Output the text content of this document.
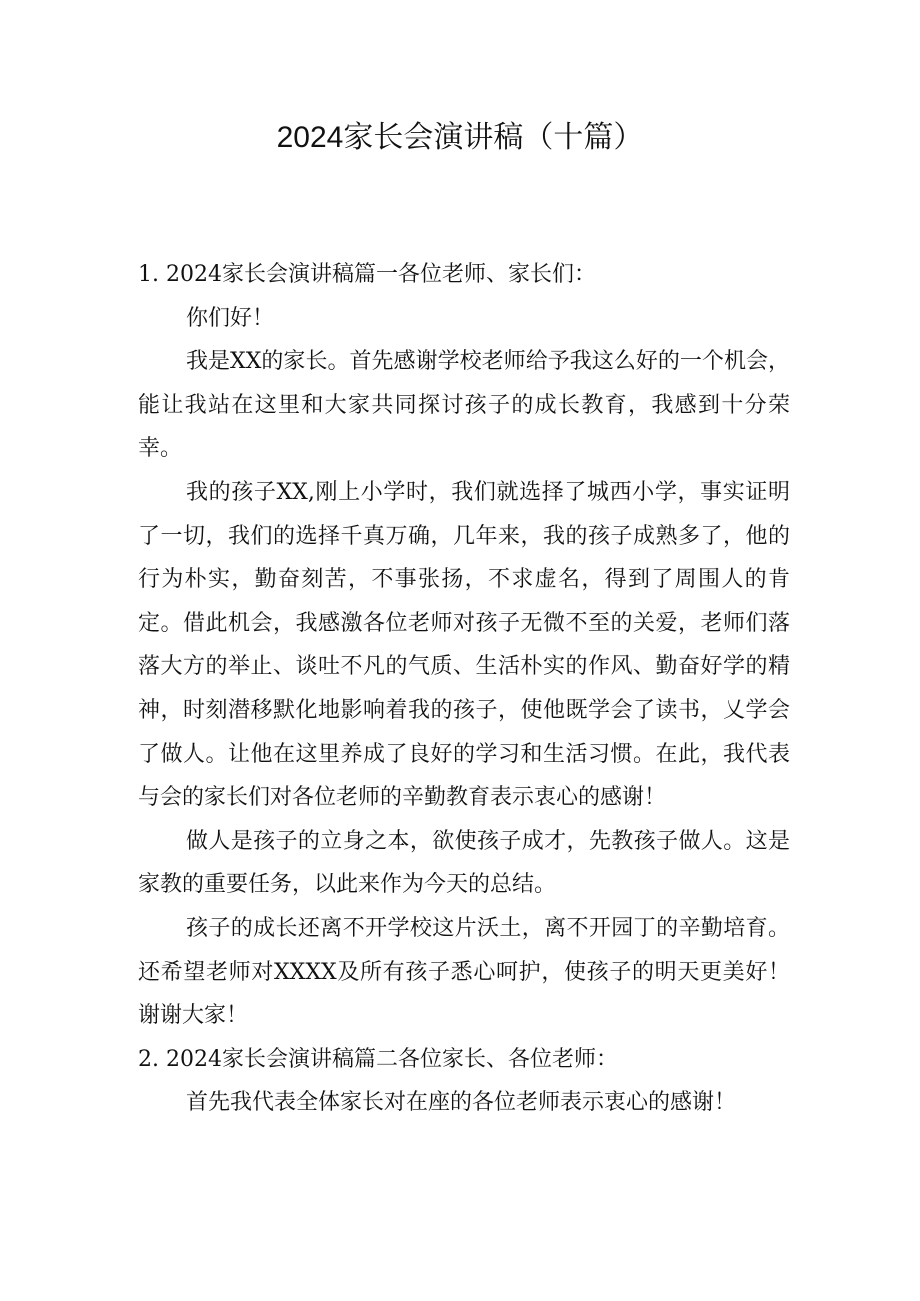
2024家长会演讲稿（十篇）

1. 2024家长会演讲稿篇一各位老师、家长们：

你们好！

我是XX的家长。首先感谢学校老师给予我这么好的一个机会，能让我站在这里和大家共同探讨孩子的成长教育，我感到十分荣幸。

我的孩子XX,刚上小学时，我们就选择了城西小学，事实证明了一切，我们的选择千真万确，几年来，我的孩子成熟多了，他的行为朴实，勤奋刻苦，不事张扬，不求虚名，得到了周围人的肯定。借此机会，我感激各位老师对孩子无微不至的关爱，老师们落落大方的举止、谈吐不凡的气质、生活朴实的作风、勤奋好学的精神，时刻潜移默化地影响着我的孩子，使他既学会了读书，乂学会了做人。让他在这里养成了良好的学习和生活习惯。在此，我代表与会的家长们对各位老师的辛勤教育表示衷心的感谢！

做人是孩子的立身之本，欲使孩子成才，先教孩子做人。这是家教的重要任务，以此来作为今天的总结。

孩子的成长还离不开学校这片沃土，离不开园丁的辛勤培育。还希望老师对XXXX及所有孩子悉心呵护，使孩子的明天更美好！谢谢大家！

2. 2024家长会演讲稿篇二各位家长、各位老师：

首先我代表全体家长对在座的各位老师表示衷心的感谢！
